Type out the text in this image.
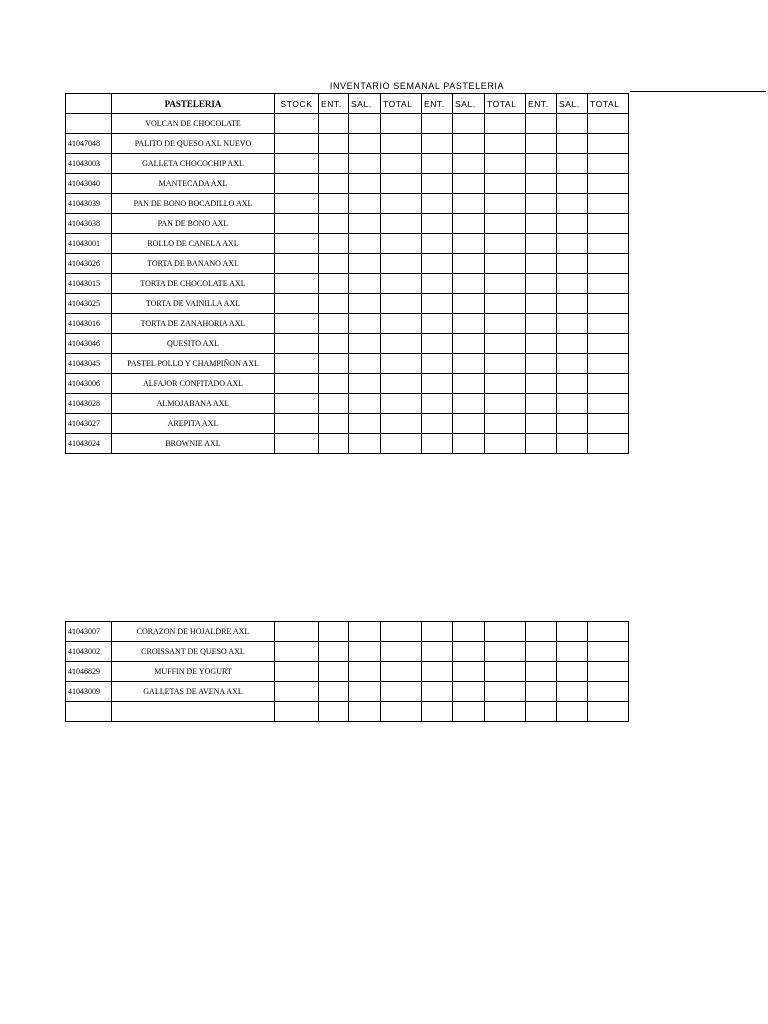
INVENTARIO SEMANAL PASTELERIA
	PASTELERIA	STOCK	ENT.	SAL.	TOTAL	ENT.	SAL.	TOTAL	ENT.	SAL.	TOTAL
	VOLCAN DE CHOCOLATE										
41047048	PALITO DE QUESO AXL NUEVO										
41043003	GALLETA CHOCOCHIP AXL										
41043040	MANTECADA AXL										
41043039	PAN DE BONO BOCADILLO AXL										
41043038	PAN DE BONO AXL										
41043001	ROLLO DE CANELA AXL										
41043026	TORTA DE BANANO AXL										
41043015	TORTA DE CHOCOLATE AXL										
41043025	TORTA DE VAINILLA AXL										
41043016	TORTA DE ZANAHORIA AXL										
41043046	QUESITO AXL										
41043045	PASTEL POLLO Y CHAMPIÑON AXL										
41043006	ALFAJOR CONFITADO AXL										
41043028	ALMOJABANA AXL										
41043027	AREPITA AXL										
41043024	BROWNIE AXL										
41043007	CORAZON DE HOJALDRE AXL										
41043002	CROISSANT DE QUESO AXL										
41046829	MUFFIN DE YOGURT										
41043009	GALLETAS DE AVENA AXL										
